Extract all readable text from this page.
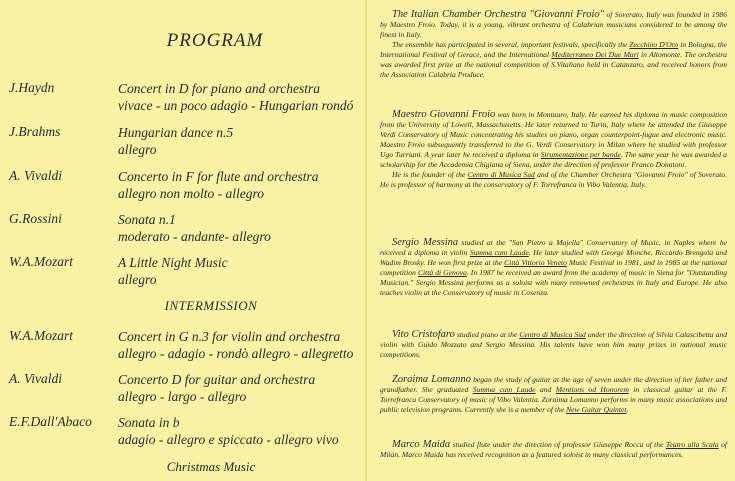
PROGRAM
J.Haydn	Concert in D for piano and orchestra
vivace - un poco adagio - Hungarian rondó
J.Brahms	Hungarian dance n.5
allegro
A. Vivaldi	Concerto in F for flute and orchestra
allegro non molto - allegro
G.Rossini	Sonata n.1
moderato - andante- allegro
W.A.Mozart	A Little Night Music
allegro
INTERMISSION
W.A.Mozart	Concert in G n.3 for violin and orchestra
allegro - adagio - rondò allegro - allegretto
A. Vivaldi	Concerto D for guitar and orchestra
allegro - largo - allegro
E.F.Dall'Abaco Sonata in b
adagio - allegro e spiccato - allegro vivo
Christmas Music

The Italian Chamber Orchestra "Giovanni Froio" of Soverato, Italy was founded in 1986 by Maestro Froio. Today, it is a young, vibrant orchestra of Calabrian musicians considered to be among the finest in Italy.

The ensemble has participated in several, important festivals, specifically the Zecchino D'Oro in Bologna, the International Festival of Gerace, and the International Mediterraneo Dei Due Mari in Altomonte. The orchestra was awarded first prize at the national competition of S.Vitaliano held in Catanzaro, and received honors from the Association Calabria Produce.

Maestro Giovanni Froio was born in Montauro, Italy. He earned his diploma in music composition from the University of Lowell, Massachusetts. He later returned to Turin, Italy where he attended the Giuseppe Verdi Conservatory of Music concentrating his studies on piano, organ counterpoint-fugue and electronic music. Maestro Froio subsequently transferred to the G. Verdi Conservatory in Milan where he studied with professor Ugo Turriani. A year later he received a diploma in Strumentazione per bande. The same year he was awarded a scholarship for the Accademia Chigiana of Siena, under the direction of professor Franco Donatoni.

He is the founder of the Centro di Musica Sud and of the Chamber Orchestra "Giovanni Froio" of Soverato. He is professor of harmony at the conservatory of F. Torrefranca in Vibo Valentia, Italy.

Sergio Messina studied at the "San Pietro a Majella" Conservatory of Music, in Naples where he received a diploma in violin Summa cum Laude. He later studied with George Monche, Riccardo Brengola and Wadim Brosky. He won first prize at the Città Vittorio Veneto Music Festival in 1981, and in 1985 at the national competition Città di Genova. In 1987 he received an award from the academy of music in Siena for "Outstanding Musician." Sergio Messina performs as a soloist with many renowned orchestras in Italy and Europe. He also teaches violin at the Conservatory of music in Cosenza.

Vito Cristofaro studied piano at the Centro di Musica Sud under the direction of Silvia Calascibetta and violin with Guido Mozzato and Sergio Messina. His talents have won him many prizes in national music competitions.

Zoraima Lomanno began the study of guitar at the age of seven under the direction of her father and grandfather. She graduated Summa cum Laude and Mentions od Honorem in classical guitar at the F. Torrefranca Conservatory of music of Vibo Valentia. Zoraima Lomanno performs in many music associations and public television programs. Currently she is a member of the New Guitar Quintet.

Marco Maida studied flute under the direction of professor Giuseppe Rocca of the Teatro alla Scala of Milan. Marco Maida has received recognition as a featured soloist in many classical performances.
